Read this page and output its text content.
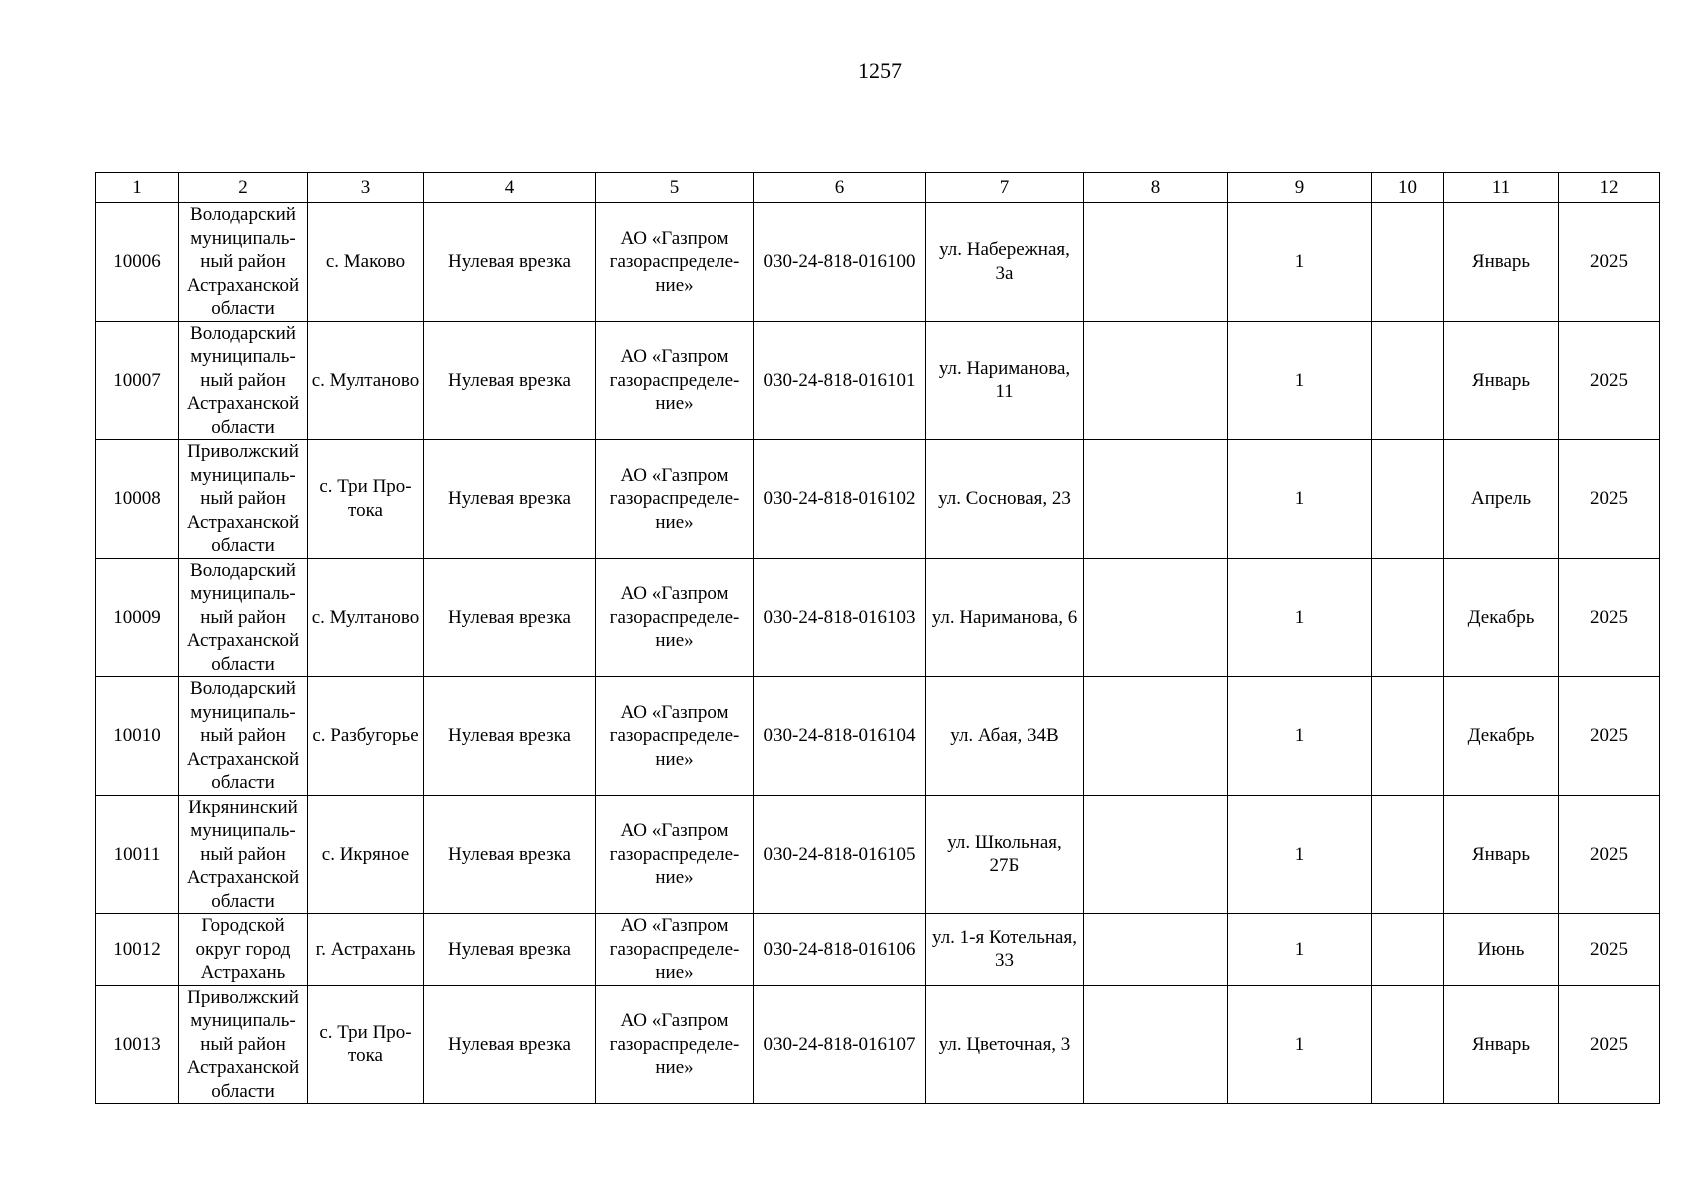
1257
1	2	3	4	5	6	7	8	9	10	11	12
10006	Володарский
муниципаль-
ный район
Астраханской
области	с. Маково	Нулевая врезка	АО «Газпром
газораспределе-
ние»	030-24-818-016100	ул. Набережная,
3а		1		Январь	2025
10007	Володарский
муниципаль-
ный район
Астраханской
области	с. Мултаново	Нулевая врезка	АО «Газпром
газораспределе-
ние»	030-24-818-016101	ул. Нариманова,
11		1		Январь	2025
10008	Приволжский
муниципаль-
ный район
Астраханской
области	с. Три Про-
тока	Нулевая врезка	АО «Газпром
газораспределе-
ние»	030-24-818-016102	ул. Сосновая, 23		1		Апрель	2025
10009	Володарский
муниципаль-
ный район
Астраханской
области	с. Мултаново	Нулевая врезка	АО «Газпром
газораспределе-
ние»	030-24-818-016103	ул. Нариманова, 6		1		Декабрь	2025
10010	Володарский
муниципаль-
ный район
Астраханской
области	с. Разбугорье	Нулевая врезка	АО «Газпром
газораспределе-
ние»	030-24-818-016104	ул. Абая, 34В		1		Декабрь	2025
10011	Икрянинский
муниципаль-
ный район
Астраханской
области	с. Икряное	Нулевая врезка	АО «Газпром
газораспределе-
ние»	030-24-818-016105	ул. Школьная,
27Б		1		Январь	2025
10012	Городской
округ город
Астрахань	г. Астрахань	Нулевая врезка	АО «Газпром
газораспределе-
ние»	030-24-818-016106	ул. 1-я Котельная,
33		1		Июнь	2025
10013	Приволжский
муниципаль-
ный район
Астраханской
области	с. Три Про-
тока	Нулевая врезка	АО «Газпром
газораспределе-
ние»	030-24-818-016107	ул. Цветочная, 3		1		Январь	2025
